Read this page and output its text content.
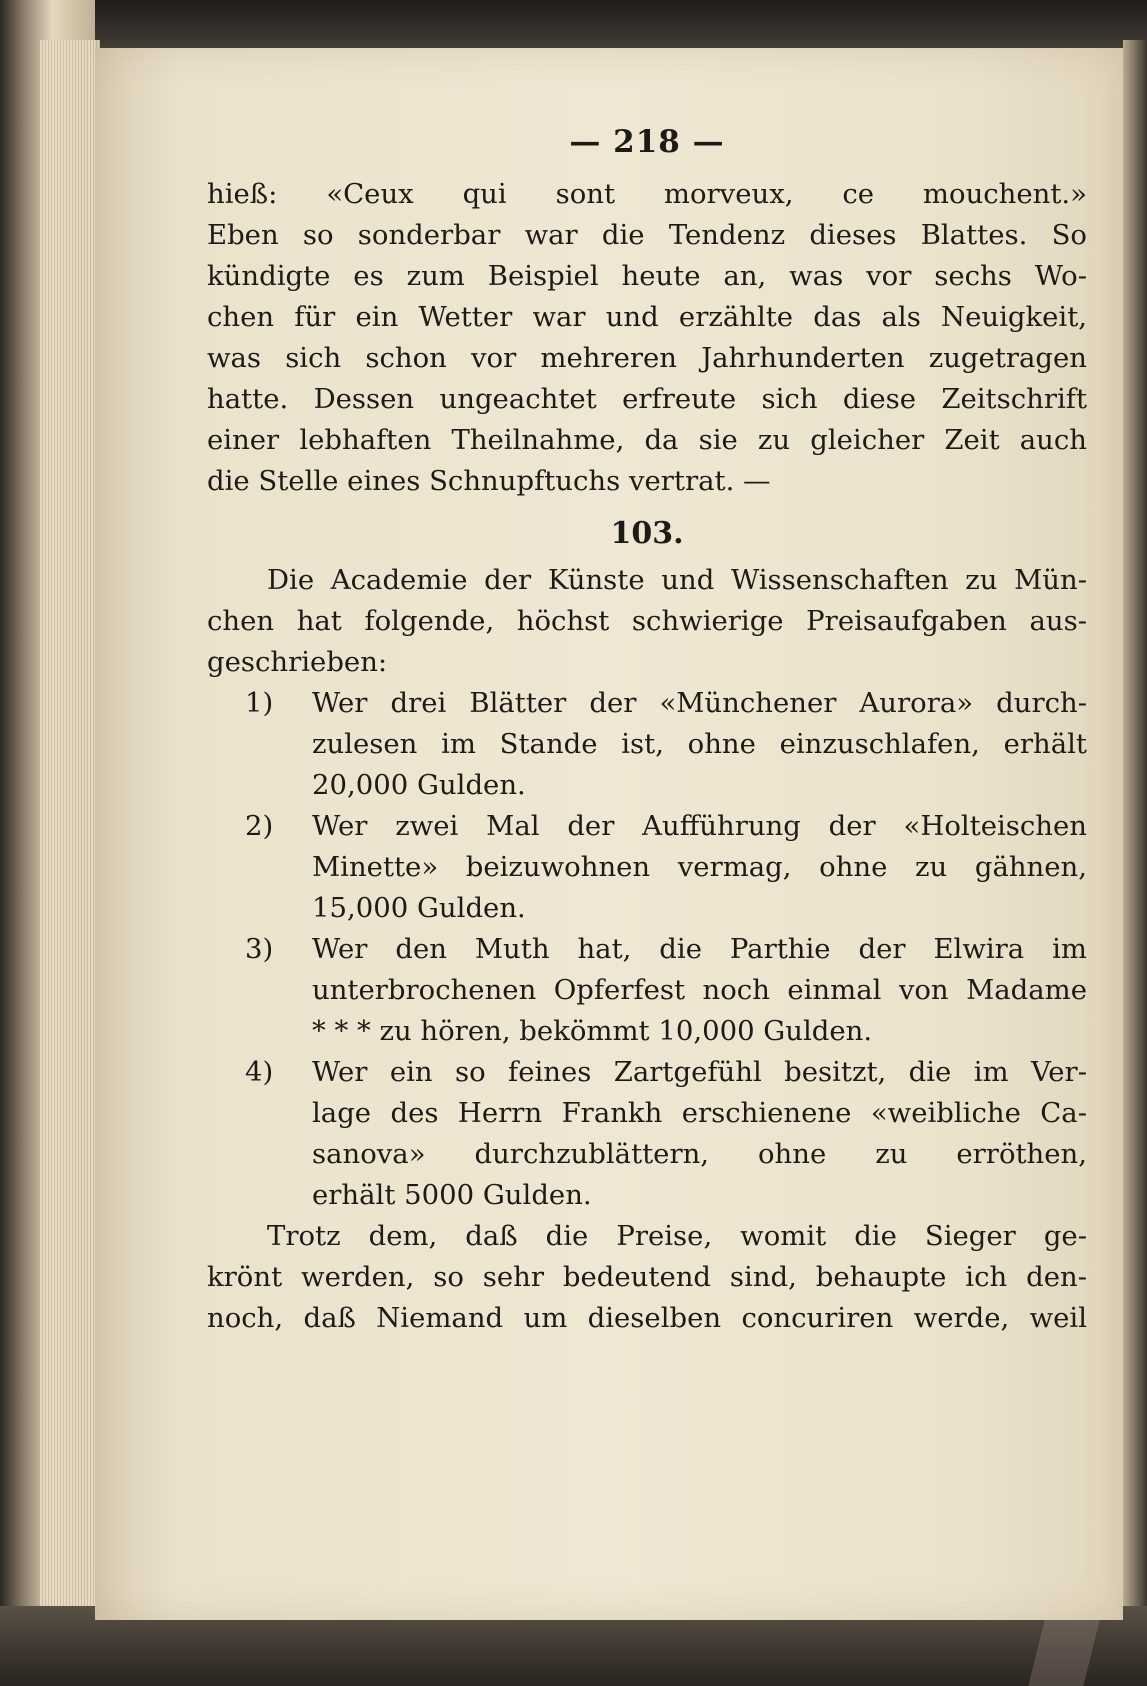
— 218 —
hieß: «Ceux qui sont morveux, ce mouchent.»
Eben so sonderbar war die Tendenz dieses Blattes. So
kündigte es zum Beispiel heute an, was vor sechs Wo-
chen für ein Wetter war und erzählte das als Neuigkeit,
was sich schon vor mehreren Jahrhunderten zugetragen
hatte. Dessen ungeachtet erfreute sich diese Zeitschrift
einer lebhaften Theilnahme, da sie zu gleicher Zeit auch
die Stelle eines Schnupftuchs vertrat. —
103.
Die Academie der Künste und Wissenschaften zu Mün-
chen hat folgende, höchst schwierige Preisaufgaben aus-
geschrieben:
1) Wer drei Blätter der «Münchener Aurora» durch-
zulesen im Stande ist, ohne einzuschlafen, erhält
20,000 Gulden.
2) Wer zwei Mal der Aufführung der «Holteischen
Minette» beizuwohnen vermag, ohne zu gähnen,
15,000 Gulden.
3) Wer den Muth hat, die Parthie der Elwira im
unterbrochenen Opferfest noch einmal von Madame
* * * zu hören, bekömmt 10,000 Gulden.
4) Wer ein so feines Zartgefühl besitzt, die im Ver-
lage des Herrn Frankh erschienene «weibliche Ca-
sanova» durchzublättern, ohne zu erröthen,
erhält 5000 Gulden.
Trotz dem, daß die Preise, womit die Sieger ge-
krönt werden, so sehr bedeutend sind, behaupte ich den-
noch, daß Niemand um dieselben concuriren werde, weil
